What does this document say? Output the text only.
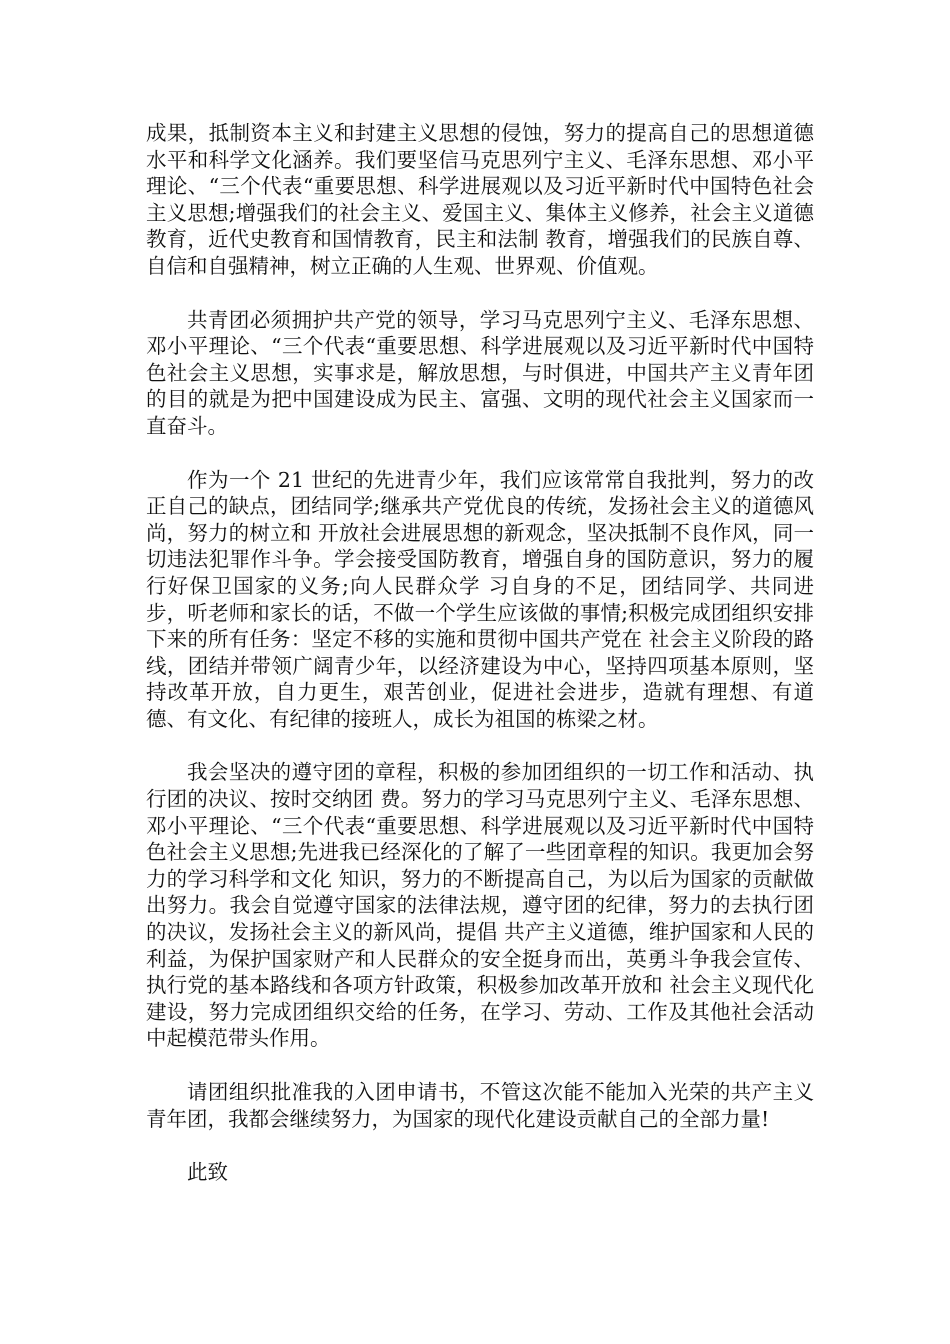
成果，抵制资本主义和封建主义思想的侵蚀，努力的提高自己的思想道德水平和科学文化涵养。我们要坚信马克思列宁主义、毛泽东思想、邓小平理论、“三个代表“重要思想、科学进展观以及习近平新时代中国特色社会主义思想;增强我们的社会主义、爱国主义、集体主义修养，社会主义道德教育，近代史教育和国情教育，民主和法制 教育，增强我们的民族自尊、自信和自强精神，树立正确的人生观、世界观、价值观。

共青团必须拥护共产党的领导，学习马克思列宁主义、毛泽东思想、邓小平理论、“三个代表“重要思想、科学进展观以及习近平新时代中国特色社会主义思想，实事求是，解放思想，与时俱进，中国共产主义青年团的目的就是为把中国建设成为民主、富强、文明的现代社会主义国家而一直奋斗。

作为一个 21 世纪的先进青少年，我们应该常常自我批判，努力的改正自己的缺点，团结同学;继承共产党优良的传统，发扬社会主义的道德风尚，努力的树立和 开放社会进展思想的新观念，坚决抵制不良作风，同一切违法犯罪作斗争。学会接受国防教育，增强自身的国防意识，努力的履行好保卫国家的义务;向人民群众学 习自身的不足，团结同学、共同进步，听老师和家长的话，不做一个学生应该做的事情;积极完成团组织安排下来的所有任务：坚定不移的实施和贯彻中国共产党在 社会主义阶段的路线，团结并带领广阔青少年，以经济建设为中心，坚持四项基本原则，坚持改革开放，自力更生，艰苦创业，促进社会进步，造就有理想、有道 德、有文化、有纪律的接班人，成长为祖国的栋梁之材。

我会坚决的遵守团的章程，积极的参加团组织的一切工作和活动、执行团的决议、按时交纳团 费。努力的学习马克思列宁主义、毛泽东思想、邓小平理论、“三个代表“重要思想、科学进展观以及习近平新时代中国特色社会主义思想;先进我已经深化的了解了一些团章程的知识。我更加会努力的学习科学和文化 知识，努力的不断提高自己，为以后为国家的贡献做出努力。我会自觉遵守国家的法律法规，遵守团的纪律，努力的去执行团的决议，发扬社会主义的新风尚，提倡 共产主义道德，维护国家和人民的利益，为保护国家财产和人民群众的安全挺身而出，英勇斗争我会宣传、执行党的基本路线和各项方针政策，积极参加改革开放和 社会主义现代化建设，努力完成团组织交给的任务，在学习、劳动、工作及其他社会活动中起模范带头作用。

请团组织批准我的入团申请书，不管这次能不能加入光荣的共产主义青年团，我都会继续努力，为国家的现代化建设贡献自己的全部力量!

此致
